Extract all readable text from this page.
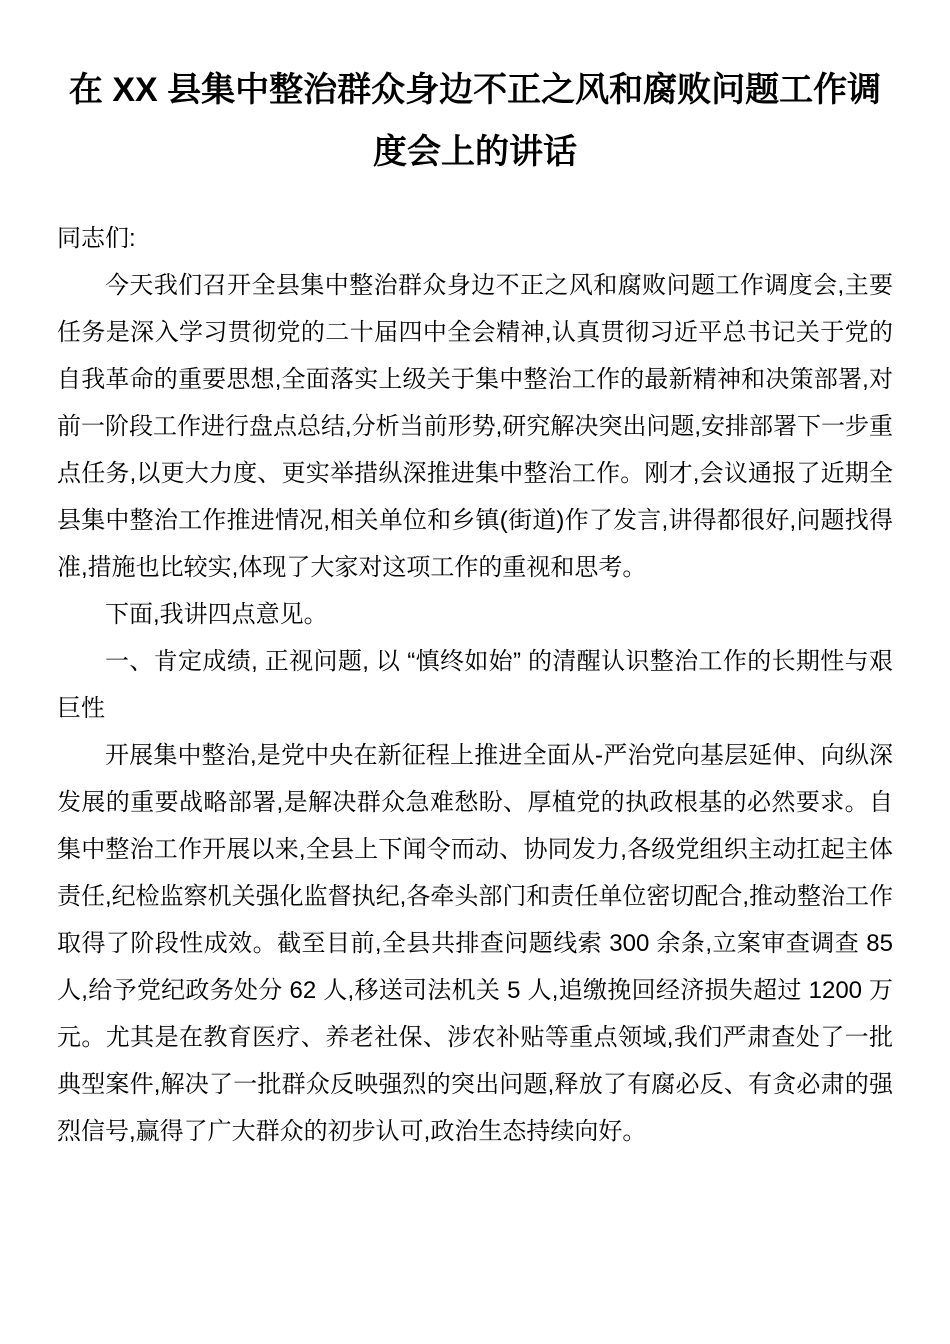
在 XX 县集中整治群众身边不正之风和腐败问题工作调度会上的讲话

同志们:

今天我们召开全县集中整治群众身边不正之风和腐败问题工作调度会,主要任务是深入学习贯彻党的二十届四中全会精神,认真贯彻习近平总书记关于党的自我革命的重要思想,全面落实上级关于集中整治工作的最新精神和决策部署,对前一阶段工作进行盘点总结,分析当前形势,研究解决突出问题,安排部署下一步重点任务,以更大力度、更实举措纵深推进集中整治工作。刚才,会议通报了近期全县集中整治工作推进情况,相关单位和乡镇(街道)作了发言,讲得都很好,问题找得准,措施也比较实,体现了大家对这项工作的重视和思考。

下面,我讲四点意见。

一、肯定成绩, 正视问题, 以 “慎终如始” 的清醒认识整治工作的长期性与艰巨性

开展集中整治,是党中央在新征程上推进全面从-严治党向基层延伸、向纵深发展的重要战略部署,是解决群众急难愁盼、厚植党的执政根基的必然要求。自集中整治工作开展以来,全县上下闻令而动、协同发力,各级党组织主动扛起主体责任,纪检监察机关强化监督执纪,各牵头部门和责任单位密切配合,推动整治工作取得了阶段性成效。截至目前,全县共排查问题线索 300 余条,立案审查调查 85 人,给予党纪政务处分 62 人,移送司法机关 5 人,追缴挽回经济损失超过 1200 万元。尤其是在教育医疗、养老社保、涉农补贴等重点领域,我们严肃查处了一批典型案件,解决了一批群众反映强烈的突出问题,释放了有腐必反、有贪必肃的强烈信号,赢得了广大群众的初步认可,政治生态持续向好。
